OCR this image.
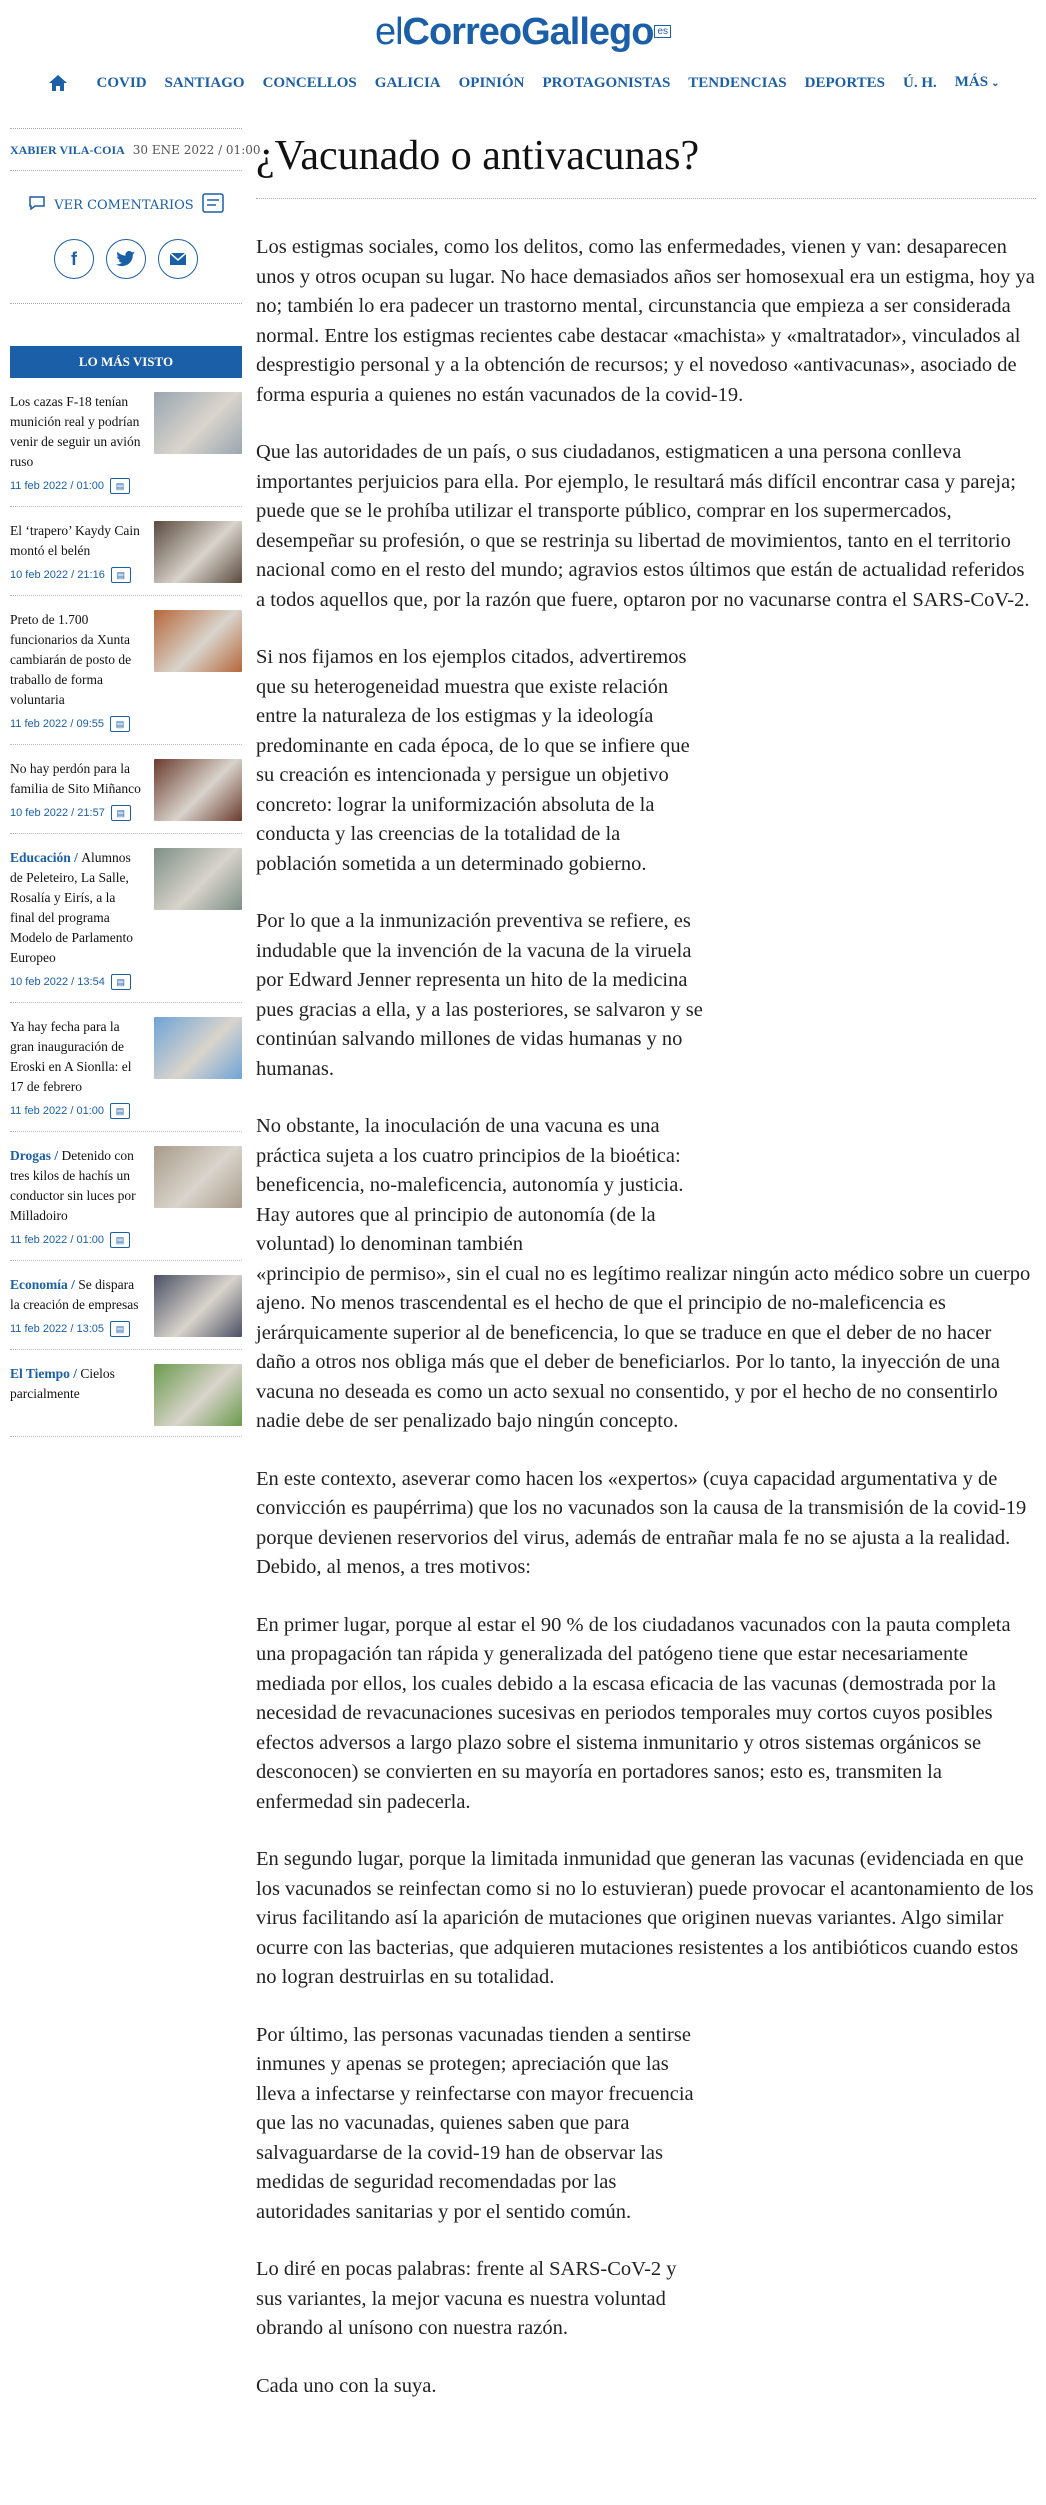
elCorreoGallego es
COVID	SANTIAGO	CONCELLOS	GALICIA	OPINIÓN	PROTAGONISTAS	TENDENCIAS	DEPORTES	Ú. H.	MÁS ⌄
XABIER VILA-COIA 30 ENE 2022 / 01:00
VER COMENTARIOS
f
LO MÁS VISTO
Los cazas F-18 tenían munición real y podrían venir de seguir un avión ruso
11 feb 2022 / 01:00	▤
El ‘trapero’ Kaydy Cain montó el belén
10 feb 2022 / 21:16	▤
Preto de 1.700 funcionarios da Xunta cambiarán de posto de traballo de forma voluntaria
11 feb 2022 / 09:55	▤
No hay perdón para la familia de Sito Miñanco
10 feb 2022 / 21:57	▤
Educación / Alumnos de Peleteiro, La Salle, Rosalía y Eirís, a la final del programa Modelo de Parlamento Europeo
10 feb 2022 / 13:54	▤
Ya hay fecha para la gran inauguración de Eroski en A Sionlla: el 17 de febrero
11 feb 2022 / 01:00	▤
Drogas / Detenido con tres kilos de hachís un conductor sin luces por Milladoiro
11 feb 2022 / 01:00	▤
Economía / Se dispara la creación de empresas
11 feb 2022 / 13:05	▤
El Tiempo / Cielos parcialmente
¿Vacunado o antivacunas?

Los estigmas sociales, como los delitos, como las enfermedades, vienen y van: desaparecen unos y otros ocupan su lugar. No hace demasiados años ser homosexual era un estigma, hoy ya no; también lo era padecer un trastorno mental, circunstancia que empieza a ser considerada normal. Entre los estigmas recientes cabe destacar «machista» y «maltratador», vinculados al desprestigio personal y a la obtención de recursos; y el novedoso «antivacunas», asociado de forma espuria a quienes no están vacunados de la covid-19.

Que las autoridades de un país, o sus ciudadanos, estigmaticen a una persona conlleva importantes perjuicios para ella. Por ejemplo, le resultará más difícil encontrar casa y pareja; puede que se le prohíba utilizar el transporte público, comprar en los supermercados, desempeñar su profesión, o que se restrinja su libertad de movimientos, tanto en el territorio nacional como en el resto del mundo; agravios estos últimos que están de actualidad referidos a todos aquellos que, por la razón que fuere, optaron por no vacunarse contra el SARS-CoV-2.

Si nos fijamos en los ejemplos citados, advertiremos que su heterogeneidad muestra que existe relación entre la naturaleza de los estigmas y la ideología predominante en cada época, de lo que se infiere que su creación es intencionada y persigue un objetivo concreto: lograr la uniformización absoluta de la conducta y las creencias de la totalidad de la población sometida a un determinado gobierno.

Por lo que a la inmunización preventiva se refiere, es indudable que la invención de la vacuna de la viruela por Edward Jenner representa un hito de la medicina pues gracias a ella, y a las posteriores, se salvaron y se continúan salvando millones de vidas humanas y no humanas.

No obstante, la inoculación de una vacuna es una práctica sujeta a los cuatro principios de la bioética: beneficencia, no-maleficencia, autonomía y justicia. Hay autores que al principio de autonomía (de la voluntad) lo denominan también

«principio de permiso», sin el cual no es legítimo realizar ningún acto médico sobre un cuerpo ajeno. No menos trascendental es el hecho de que el principio de no-maleficencia es jerárquicamente superior al de beneficencia, lo que se traduce en que el deber de no hacer daño a otros nos obliga más que el deber de beneficiarlos. Por lo tanto, la inyección de una vacuna no deseada es como un acto sexual no consentido, y por el hecho de no consentirlo nadie debe de ser penalizado bajo ningún concepto.

En este contexto, aseverar como hacen los «expertos» (cuya capacidad argumentativa y de convicción es paupérrima) que los no vacunados son la causa de la transmisión de la covid-19 porque devienen reservorios del virus, además de entrañar mala fe no se ajusta a la realidad. Debido, al menos, a tres motivos:

En primer lugar, porque al estar el 90 % de los ciudadanos vacunados con la pauta completa una propagación tan rápida y generalizada del patógeno tiene que estar necesariamente mediada por ellos, los cuales debido a la escasa eficacia de las vacunas (demostrada por la necesidad de revacunaciones sucesivas en periodos temporales muy cortos cuyos posibles efectos adversos a largo plazo sobre el sistema inmunitario y otros sistemas orgánicos se desconocen) se convierten en su mayoría en portadores sanos; esto es, transmiten la enfermedad sin padecerla.

En segundo lugar, porque la limitada inmunidad que generan las vacunas (evidenciada en que los vacunados se reinfectan como si no lo estuvieran) puede provocar el acantonamiento de los virus facilitando así la aparición de mutaciones que originen nuevas variantes. Algo similar ocurre con las bacterias, que adquieren mutaciones resistentes a los antibióticos cuando estos no logran destruirlas en su totalidad.

Por último, las personas vacunadas tienden a sentirse inmunes y apenas se protegen; apreciación que las lleva a infectarse y reinfectarse con mayor frecuencia que las no vacunadas, quienes saben que para salvaguardarse de la covid-19 han de observar las medidas de seguridad recomendadas por las autoridades sanitarias y por el sentido común.

Lo diré en pocas palabras: frente al SARS-CoV-2 y sus variantes, la mejor vacuna es nuestra voluntad obrando al unísono con nuestra razón.

Cada uno con la suya.
